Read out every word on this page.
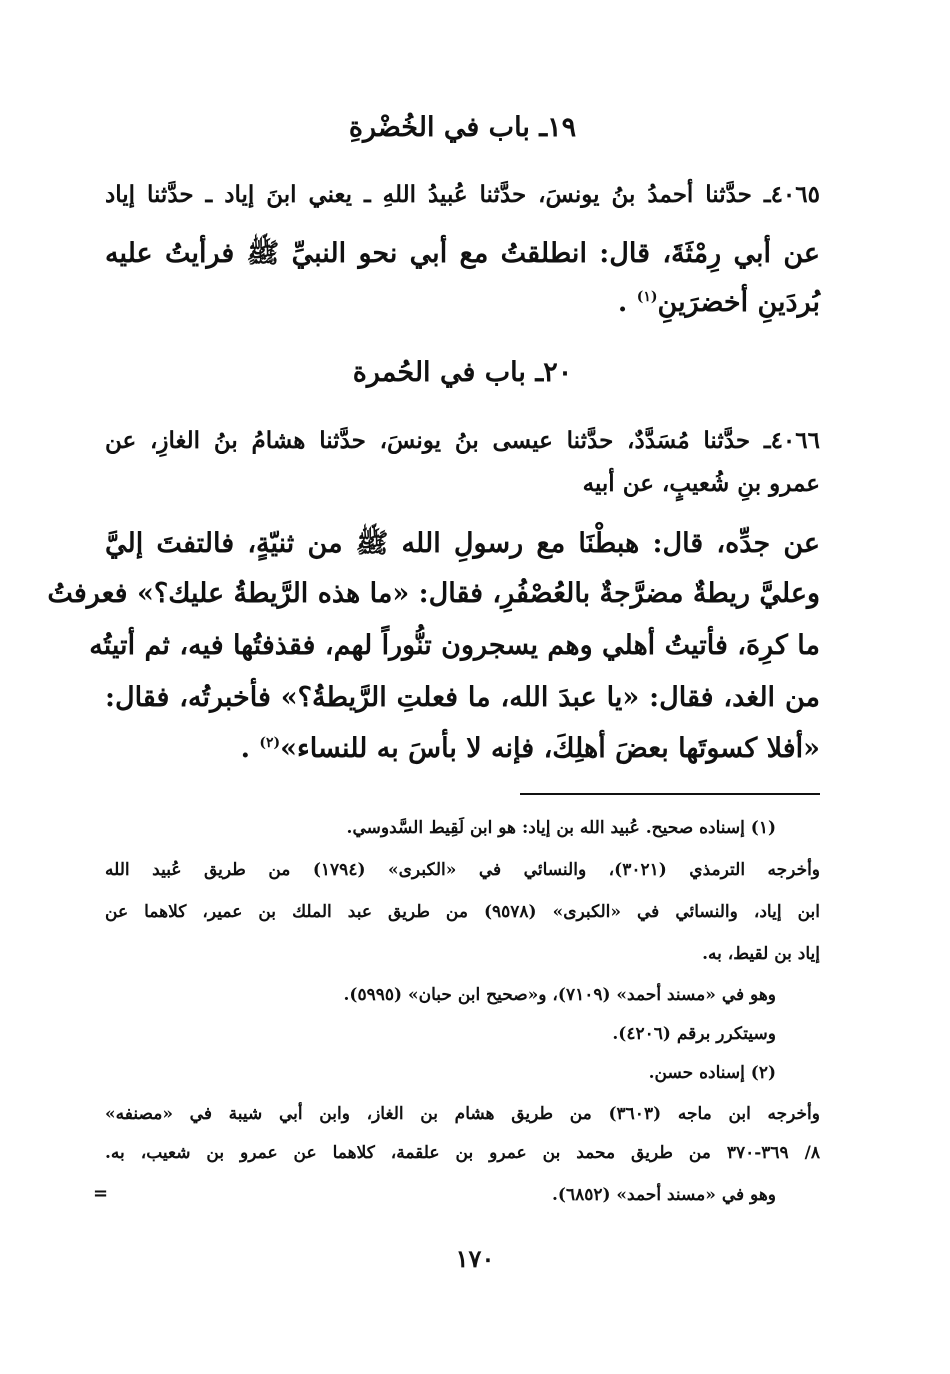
١٩ـ باب في الخُضْرةِ
٤٠٦٥ـ حدَّثنا أحمدُ بنُ يونسَ، حدَّثنا عُبيدُ اللهِ ـ يعني ابنَ إياد ـ حدَّثنا إياد
عن أبي رِمْثَةَ، قال: انطلقتُ مع أبي نحو النبيِّ ﷺ فرأيتُ عليه
بُردَينِ أخضرَينِ$^{(١)}$ .
٢٠ـ باب في الحُمرة
٤٠٦٦ـ حدَّثنا مُسَدَّدٌ، حدَّثنا عيسى بنُ يونسَ، حدَّثنا هشامُ بنُ الغازِ، عن
عمرو بنِ شُعيبٍ، عن أبيه
عن جدِّه، قال: هبطْنَا مع رسولِ الله ﷺ من ثنيّةٍ، فالتفتَ إليَّ
وعليَّ ريطةٌ مضرَّجةٌ بالعُصْفُرِ، فقال: «ما هذه الرَّيطةُ عليك؟» فعرفتُ
ما كرِهَ، فأتيتُ أهلي وهم يسجرون تنُّوراً لهم، فقذفتُها فيه، ثم أتيتُه
من الغد، فقال: «يا عبدَ الله، ما فعلتِ الرَّيطةُ؟» فأخبرتُه، فقال:
«أفلا كسوتَها بعضَ أهلِكَ، فإنه لا بأسَ به للنساء»$^{(٢)}$ .
(١) إسناده صحيح. عُبيد الله بن إياد: هو ابن لَقِيط السَّدوسي.
وأخرجه الترمذي (٣٠٢١)، والنسائي في «الكبرى» (١٧٩٤) من طريق عُبيد الله
ابن إياد، والنسائي في «الكبرى» (٩٥٧٨) من طريق عبد الملك بن عمير، كلاهما عن
إياد بن لقيط، به.
وهو في «مسند أحمد» (٧١٠٩)، و«صحيح ابن حبان» (٥٩٩٥).
وسيتكرر برقم (٤٢٠٦).
(٢) إسناده حسن.
وأخرجه ابن ماجه (٣٦٠٣) من طريق هشام بن الغاز، وابن أبي شيبة في «مصنفه»
٨/ ٣٦٩-٣٧٠ من طريق محمد بن عمرو بن علقمة، كلاهما عن عمرو بن شعيب، به.
وهو في «مسند أحمد» (٦٨٥٢).
=
١٧٠
